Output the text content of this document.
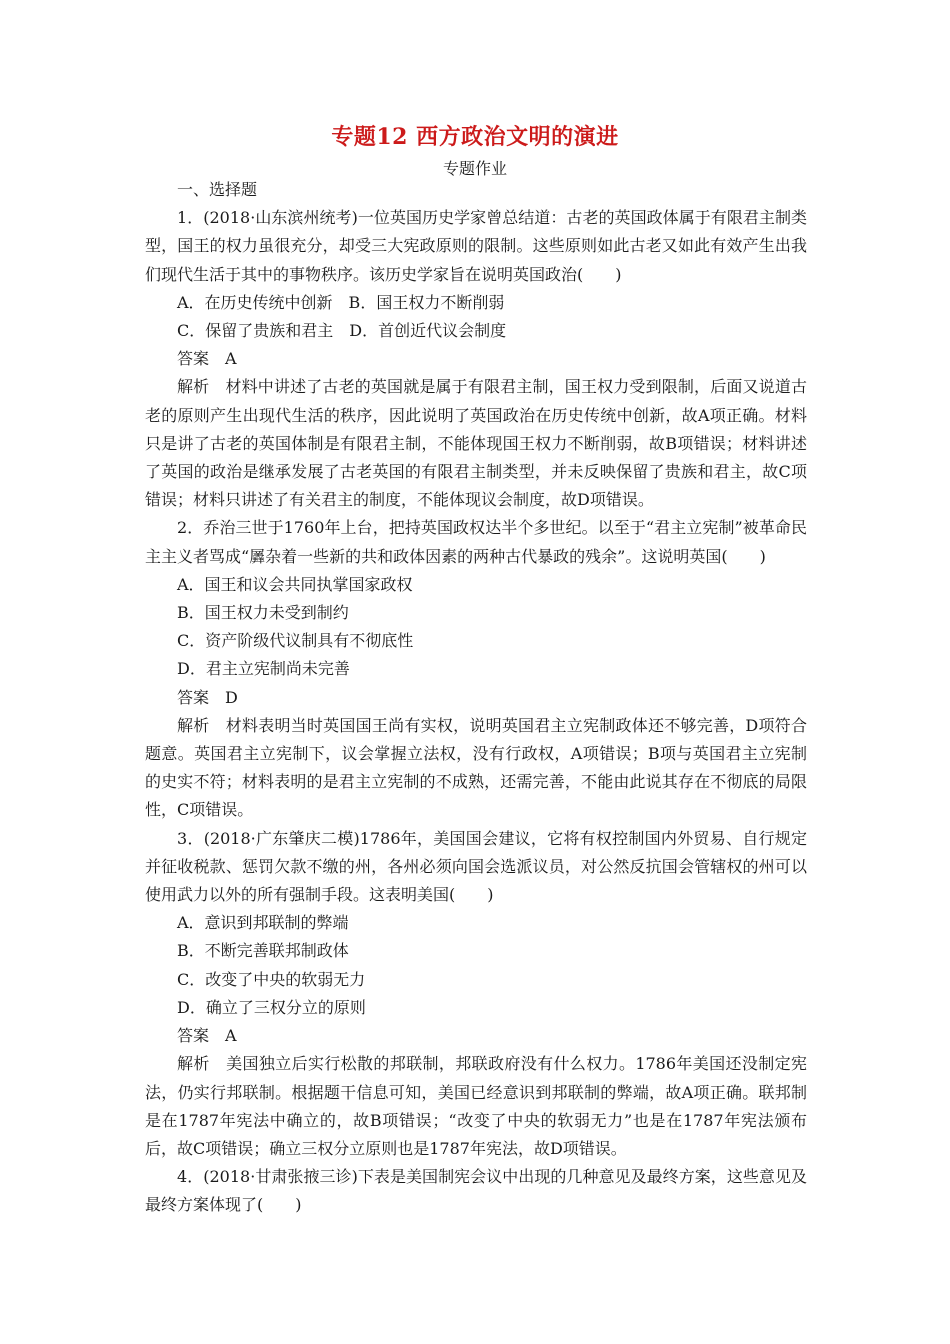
专题12 西方政治文明的演进
专题作业

一、选择题

1．(2018·山东滨州统考)一位英国历史学家曾总结道：古老的英国政体属于有限君主制类型，国王的权力虽很充分，却受三大宪政原则的限制。这些原则如此古老又如此有效产生出我们现代生活于其中的事物秩序。该历史学家旨在说明英国政治(　　)

A．在历史传统中创新　B．国王权力不断削弱

C．保留了贵族和君主　D．首创近代议会制度

答案　A

解析　材料中讲述了古老的英国就是属于有限君主制，国王权力受到限制，后面又说道古老的原则产生出现代生活的秩序，因此说明了英国政治在历史传统中创新，故A项正确。材料只是讲了古老的英国体制是有限君主制，不能体现国王权力不断削弱，故B项错误；材料讲述了英国的政治是继承发展了古老英国的有限君主制类型，并未反映保留了贵族和君主，故C项错误；材料只讲述了有关君主的制度，不能体现议会制度，故D项错误。

2．乔治三世于1760年上台，把持英国政权达半个多世纪。以至于“君主立宪制”被革命民主主义者骂成“羼杂着一些新的共和政体因素的两种古代暴政的残余”。这说明英国(　　)

A．国王和议会共同执掌国家政权

B．国王权力未受到制约

C．资产阶级代议制具有不彻底性

D．君主立宪制尚未完善

答案　D

解析　材料表明当时英国国王尚有实权，说明英国君主立宪制政体还不够完善，D项符合题意。英国君主立宪制下，议会掌握立法权，没有行政权，A项错误；B项与英国君主立宪制的史实不符；材料表明的是君主立宪制的不成熟，还需完善，不能由此说其存在不彻底的局限性，C项错误。

3．(2018·广东肇庆二模)1786年，美国国会建议，它将有权控制国内外贸易、自行规定并征收税款、惩罚欠款不缴的州，各州必须向国会选派议员，对公然反抗国会管辖权的州可以使用武力以外的所有强制手段。这表明美国(　　)

A．意识到邦联制的弊端

B．不断完善联邦制政体

C．改变了中央的软弱无力

D．确立了三权分立的原则

答案　A

解析　美国独立后实行松散的邦联制，邦联政府没有什么权力。1786年美国还没制定宪法，仍实行邦联制。根据题干信息可知，美国已经意识到邦联制的弊端，故A项正确。联邦制是在1787年宪法中确立的，故B项错误；“改变了中央的软弱无力”也是在1787年宪法颁布后，故C项错误；确立三权分立原则也是1787年宪法，故D项错误。

4．(2018·甘肃张掖三诊)下表是美国制宪会议中出现的几种意见及最终方案，这些意见及最终方案体现了(　　)
